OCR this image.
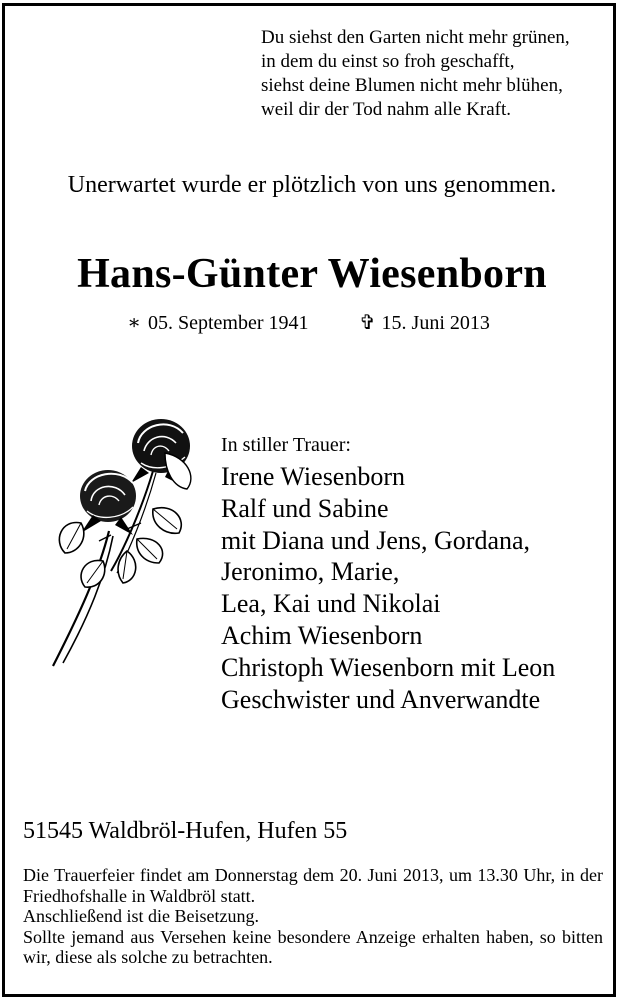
Du siehst den Garten nicht mehr grünen,
in dem du einst so froh geschafft,
siehst deine Blumen nicht mehr blühen,
weil dir der Tod nahm alle Kraft.
Unerwartet wurde er plötzlich von uns genommen.
Hans-Günter Wiesenborn
∗ 05. September 1941	✞ 15. Juni 2013
In stiller Trauer:
Irene Wiesenborn
Ralf und Sabine
mit Diana und Jens, Gordana,
Jeronimo, Marie,
Lea, Kai und Nikolai
Achim Wiesenborn
Christoph Wiesenborn mit Leon
Geschwister und Anverwandte
51545 Waldbröl-Hufen, Hufen 55

Die Trauerfeier findet am Donnerstag dem 20. Juni 2013, um 13.30 Uhr, in der Friedhofshalle in Waldbröl statt.

Anschließend ist die Beisetzung.

Sollte jemand aus Versehen keine besondere Anzeige erhalten haben, so bitten wir, diese als solche zu betrachten.
